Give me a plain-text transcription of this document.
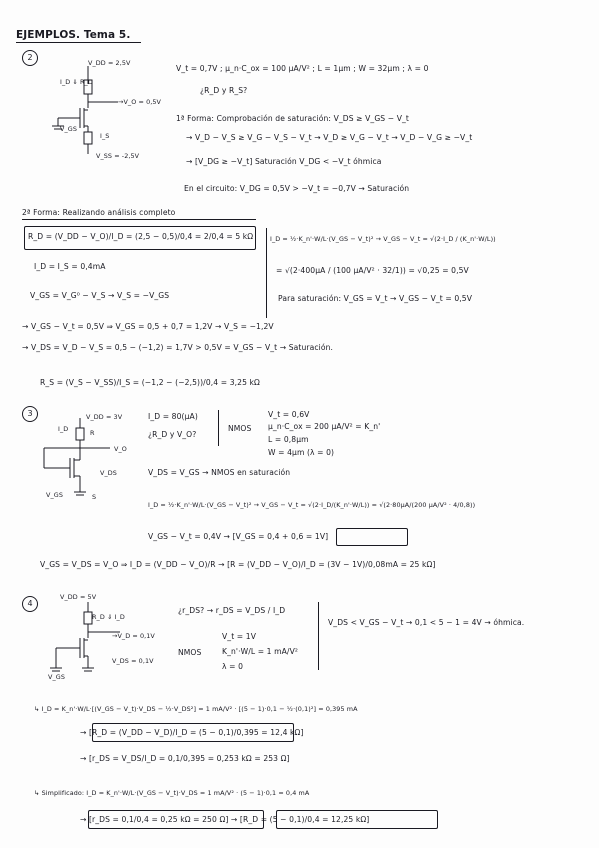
EJEMPLOS. Tema 5.
2
V_DD = 2,5V
I_D ⇓ R_D
→V_O = 0,5V
V_GS
I_S
V_SS = -2,5V
V_t = 0,7V ; μ_n·C_ox = 100 μA/V² ; L = 1μm ; W = 32μm ; λ = 0
¿R_D y R_S?
1ª Forma: Comprobación de saturación: V_DS ≥ V_GS − V_t
→ V_D − V_S ≥ V_G − V_S − V_t → V_D ≥ V_G − V_t → V_D − V_G ≥ −V_t
→ [V_DG ≥ −V_t] Saturación V_DG < −V_t óhmica
En el circuito: V_DG = 0,5V > −V_t = −0,7V → Saturación
2ª Forma: Realizando análisis completo
R_D = (V_DD − V_O)/I_D = (2,5 − 0,5)/0,4 = 2/0,4 = 5 kΩ	I_D = ½·K_n'·W/L·(V_GS − V_t)² → V_GS − V_t = √(2·I_D / (K_n'·W/L))
I_D = I_S = 0,4mA	= √(2·400μA / (100 μA/V² · 32/1)) = √0,25 = 0,5V
V_GS = V_G⁰ − V_S → V_S = −V_GS	Para saturación: V_GS = V_t → V_GS − V_t = 0,5V
→ V_GS − V_t = 0,5V ⇒ V_GS = 0,5 + 0,7 = 1,2V → V_S = −1,2V
→ V_DS = V_D − V_S = 0,5 − (−1,2) = 1,7V > 0,5V = V_GS − V_t → Saturación.
R_S = (V_S − V_SS)/I_S = (−1,2 − (−2,5))/0,4 = 3,25 kΩ
3	V_DD = 3V
I_D	R
V_O
V_DS
V_GS	S
I_D = 80(μA)
¿R_D y V_O?
NMOS
V_t = 0,6V
μ_n·C_ox = 200 μA/V² = K_n'
L = 0,8μm
W = 4μm (λ = 0)
V_DS = V_GS → NMOS en saturación
I_D = ½·K_n'·W/L·(V_GS − V_t)² → V_GS − V_t = √(2·I_D/(K_n'·W/L)) = √(2·80μA/(200 μA/V² · 4/0,8))
V_GS − V_t = 0,4V → [V_GS = 0,4 + 0,6 = 1V]
V_GS = V_DS = V_O ⇒ I_D = (V_DD − V_O)/R → [R = (V_DD − V_O)/I_D = (3V − 1V)/0,08mA = 25 kΩ]
4
V_DD = 5V
R_D ⇓ I_D
→V_D = 0,1V
V_DS = 0,1V
V_GS
¿r_DS? → r_DS = V_DS / I_D
NMOS
V_t = 1V
K_n'·W/L = 1 mA/V²
λ = 0
V_DS < V_GS − V_t → 0,1 < 5 − 1 = 4V → óhmica.
↳ I_D = K_n'·W/L·[(V_GS − V_t)·V_DS − ½·V_DS²] = 1 mA/V² · [(5 − 1)·0,1 − ½·(0,1)²] = 0,395 mA
→ [R_D = (V_DD − V_D)/I_D = (5 − 0,1)/0,395 = 12,4 kΩ]
→ [r_DS = V_DS/I_D = 0,1/0,395 = 0,253 kΩ = 253 Ω]
↳ Simplificado: I_D = K_n'·W/L·(V_GS − V_t)·V_DS = 1 mA/V² · (5 − 1)·0,1 = 0,4 mA
→ [r_DS = 0,1/0,4 = 0,25 kΩ = 250 Ω] → [R_D = (5 − 0,1)/0,4 = 12,25 kΩ]
